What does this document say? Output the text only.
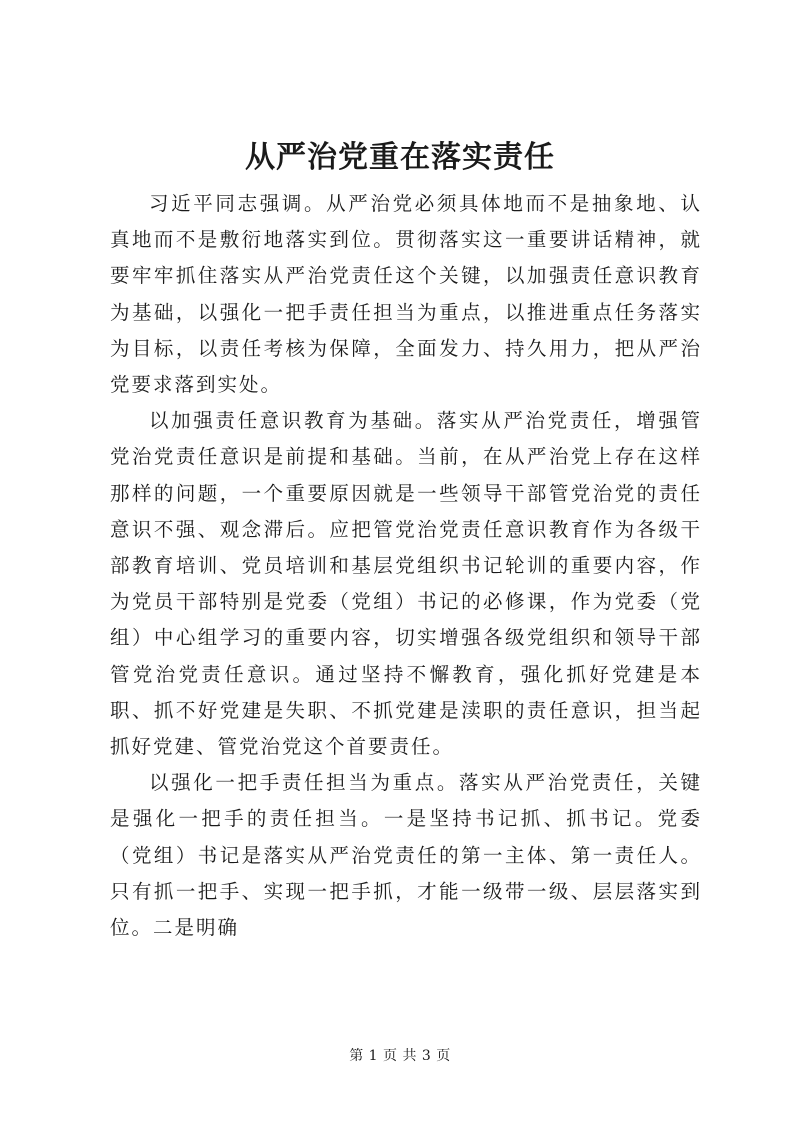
从严治党重在落实责任

习近平同志强调。从严治党必须具体地而不是抽象地、认真地而不是敷衍地落实到位。贯彻落实这一重要讲话精神，就要牢牢抓住落实从严治党责任这个关键，以加强责任意识教育为基础，以强化一把手责任担当为重点，以推进重点任务落实为目标，以责任考核为保障，全面发力、持久用力，把从严治党要求落到实处。

以加强责任意识教育为基础。落实从严治党责任，增强管党治党责任意识是前提和基础。当前，在从严治党上存在这样那样的问题，一个重要原因就是一些领导干部管党治党的责任意识不强、观念滞后。应把管党治党责任意识教育作为各级干部教育培训、党员培训和基层党组织书记轮训的重要内容，作为党员干部特别是党委（党组）书记的必修课，作为党委（党组）中心组学习的重要内容，切实增强各级党组织和领导干部管党治党责任意识。通过坚持不懈教育，强化抓好党建是本职、抓不好党建是失职、不抓党建是渎职的责任意识，担当起抓好党建、管党治党这个首要责任。

以强化一把手责任担当为重点。落实从严治党责任，关键是强化一把手的责任担当。一是坚持书记抓、抓书记。党委（党组）书记是落实从严治党责任的第一主体、第一责任人。只有抓一把手、实现一把手抓，才能一级带一级、层层落实到位。二是明确

第 1 页 共 3 页
